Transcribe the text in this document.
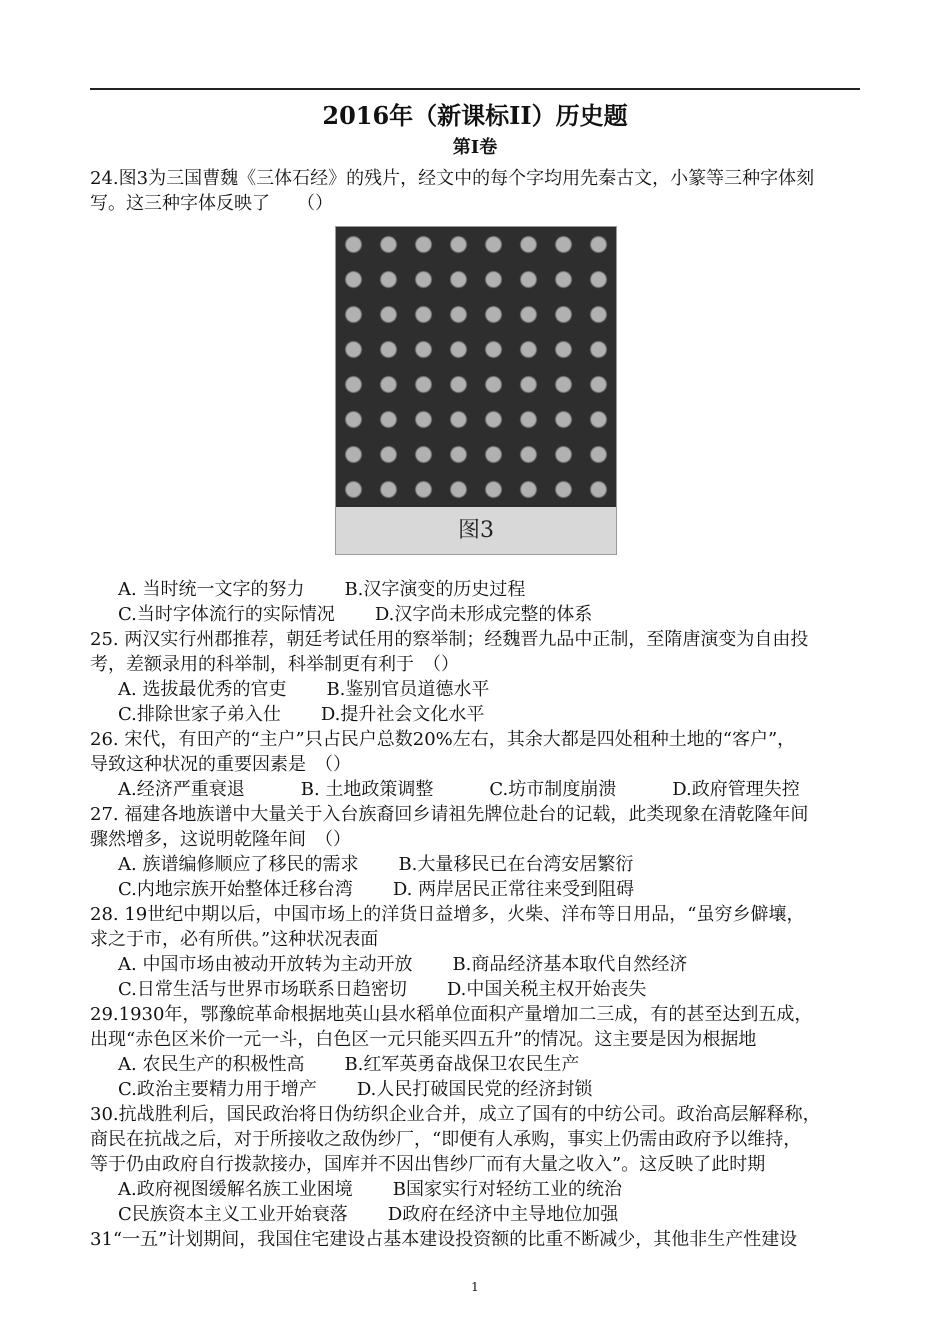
2016年（新课标II）历史题
第Ⅰ卷
24.图3为三国曹魏《三体石经》的残片，经文中的每个字均用先秦古文，小篆等三种字体刻
写。这三种字体反映了　　（）
图3
A. 当时统一文字的努力 B.汉字演变的历史过程
C.当时字体流行的实际情况 D.汉字尚未形成完整的体系
25. 两汉实行州郡推荐，朝廷考试任用的察举制；经魏晋九品中正制，至隋唐演变为自由投
考，差额录用的科举制，科举制更有利于　（）
A. 选拔最优秀的官吏 B.鉴别官员道德水平
C.排除世家子弟入仕 D.提升社会文化水平
26. 宋代，有田产的“主户”只占民户总数20%左右，其余大都是四处租种土地的“客户”，
导致这种状况的重要因素是　（）
A.经济严重衰退	B. 土地政策调整	C.坊市制度崩溃	D.政府管理失控
27. 福建各地族谱中大量关于入台族裔回乡请祖先牌位赴台的记载，此类现象在清乾隆年间
骤然增多，这说明乾隆年间　（）
A. 族谱编修顺应了移民的需求 B.大量移民已在台湾安居繁衍
C.内地宗族开始整体迁移台湾 D. 两岸居民正常往来受到阻碍
28. 19世纪中期以后，中国市场上的洋货日益增多，火柴、洋布等日用品，“虽穷乡僻壤，
求之于市，必有所供。”这种状况表面
A. 中国市场由被动开放转为主动开放 B.商品经济基本取代自然经济
C.日常生活与世界市场联系日趋密切 D.中国关税主权开始丧失
29.1930年，鄂豫皖革命根据地英山县水稻单位面积产量增加二三成，有的甚至达到五成，
出现“赤色区米价一元一斗，白色区一元只能买四五升”的情况。这主要是因为根据地
A. 农民生产的积极性高 B.红军英勇奋战保卫农民生产
C.政治主要精力用于增产 D.人民打破国民党的经济封锁
30.抗战胜利后，国民政治将日伪纺织企业合并，成立了国有的中纺公司。政治高层解释称，
商民在抗战之后，对于所接收之敌伪纱厂，“即便有人承购，事实上仍需由政府予以维持，
等于仍由政府自行拨款接办，国库并不因出售纱厂而有大量之收入”。这反映了此时期
A.政府视图缓解名族工业困境 B国家实行对轻纺工业的统治
C民族资本主义工业开始衰落 D政府在经济中主导地位加强
31“一五”计划期间，我国住宅建设占基本建设投资额的比重不断减少，其他非生产性建设
1
